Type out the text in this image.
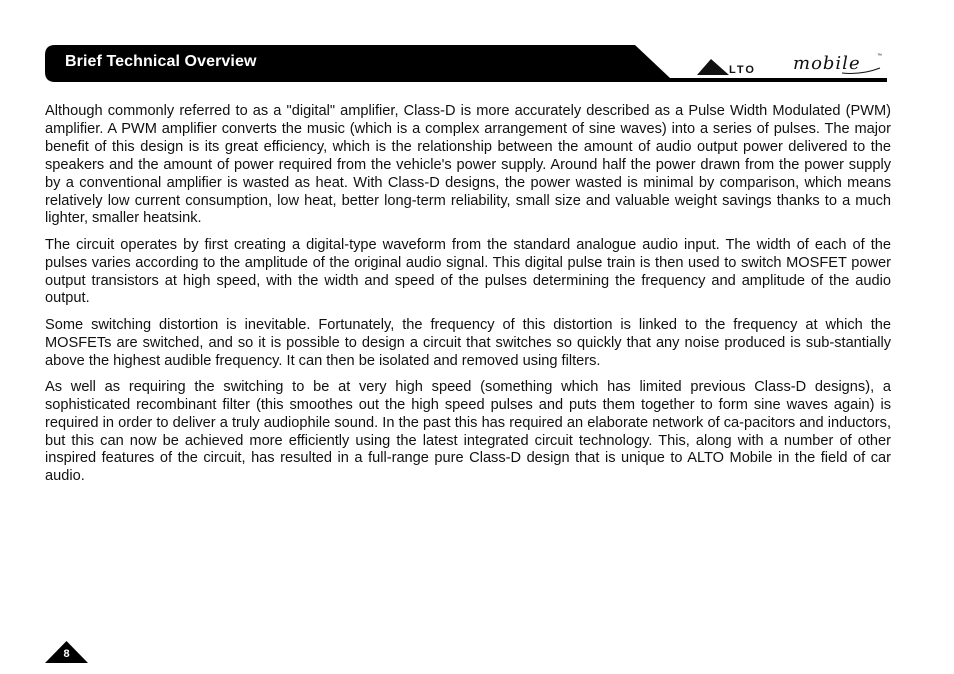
Brief Technical Overview	LTO mobile	™

Although commonly referred to as a "digital" amplifier, Class-D is more accurately described as a Pulse Width Modulated (PWM) amplifier. A PWM amplifier converts the music (which is a complex arrangement of sine waves) into a series of pulses. The major benefit of this design is its great efficiency, which is the relationship between the amount of audio output power delivered to the speakers and the amount of power required from the vehicle's power supply. Around half the power drawn from the power supply by a conventional amplifier is wasted as heat. With Class-D designs, the power wasted is minimal by comparison, which means relatively low current consumption, low heat, better long-term reliability, small size and valuable weight savings thanks to a much lighter, smaller heatsink.

The circuit operates by first creating a digital-type waveform from the standard analogue audio input. The width of each of the pulses varies according to the amplitude of the original audio signal. This digital pulse train is then used to switch MOSFET power output transistors at high speed, with the width and speed of the pulses determining the frequency and amplitude of the audio output.

Some switching distortion is inevitable. Fortunately, the frequency of this distortion is linked to the frequency at which the MOSFETs are switched, and so it is possible to design a circuit that switches so quickly that any noise produced is sub-stantially above the highest audible frequency. It can then be isolated and removed using filters.

As well as requiring the switching to be at very high speed (something which has limited previous Class-D designs), a sophisticated recombinant filter (this smoothes out the high speed pulses and puts them together to form sine waves again) is required in order to deliver a truly audiophile sound. In the past this has required an elaborate network of ca-pacitors and inductors, but this can now be achieved more efficiently using the latest integrated circuit technology. This, along with a number of other inspired features of the circuit, has resulted in a full-range pure Class-D design that is unique to ALTO Mobile in the field of car audio.

8
